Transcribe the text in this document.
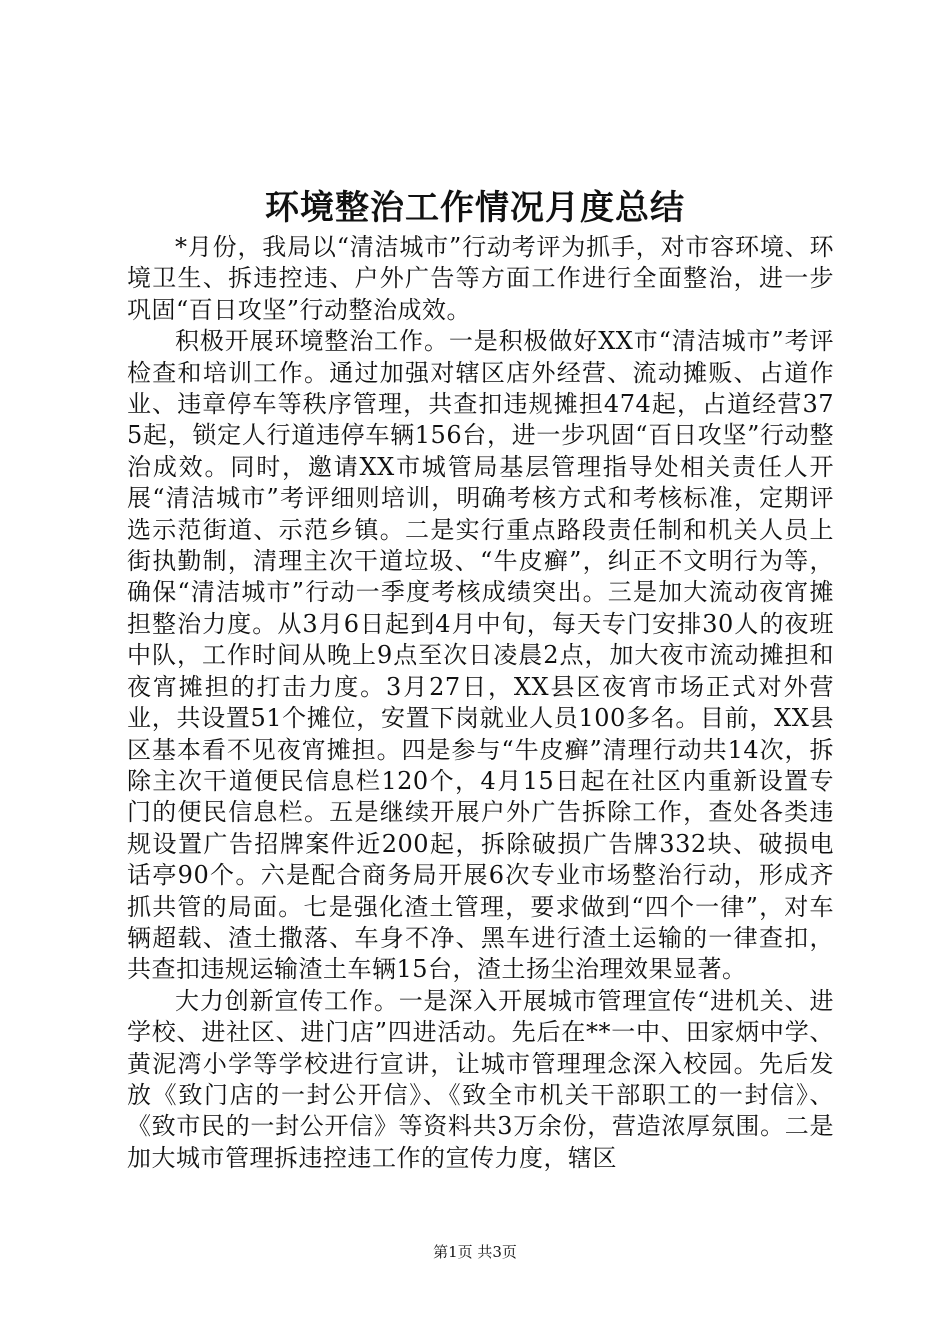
环境整治工作情况月度总结

*月份，我局以“清洁城市”行动考评为抓手，对市容环境、环境卫生、拆违控违、户外广告等方面工作进行全面整治，进一步巩固“百日攻坚”行动整治成效。

积极开展环境整治工作。一是积极做好XX市“清洁城市”考评检查和培训工作。通过加强对辖区店外经营、流动摊贩、占道作业、违章停车等秩序管理，共查扣违规摊担474起，占道经营375起，锁定人行道违停车辆156台，进一步巩固“百日攻坚”行动整治成效。同时，邀请XX市城管局基层管理指导处相关责任人开展“清洁城市”考评细则培训，明确考核方式和考核标准，定期评选示范街道、示范乡镇。二是实行重点路段责任制和机关人员上街执勤制，清理主次干道垃圾、“牛皮癣”，纠正不文明行为等，确保“清洁城市”行动一季度考核成绩突出。三是加大流动夜宵摊担整治力度。从3月6日起到4月中旬，每天专门安排30人的夜班中队，工作时间从晚上9点至次日凌晨2点，加大夜市流动摊担和夜宵摊担的打击力度。3月27日，XX县区夜宵市场正式对外营业，共设置51个摊位，安置下岗就业人员100多名。目前，XX县区基本看不见夜宵摊担。四是参与“牛皮癣”清理行动共14次，拆除主次干道便民信息栏120个，4月15日起在社区内重新设置专门的便民信息栏。五是继续开展户外广告拆除工作，查处各类违规设置广告招牌案件近200起，拆除破损广告牌332块、破损电话亭90个。六是配合商务局开展6次专业市场整治行动，形成齐抓共管的局面。七是强化渣土管理，要求做到“四个一律”，对车辆超载、渣土撒落、车身不净、黑车进行渣土运输的一律查扣，共查扣违规运输渣土车辆15台，渣土扬尘治理效果显著。

大力创新宣传工作。一是深入开展城市管理宣传“进机关、进学校、进社区、进门店”四进活动。先后在**一中、田家炳中学、黄泥湾小学等学校进行宣讲，让城市管理理念深入校园。先后发放《致门店的一封公开信》、《致全市机关干部职工的一封信》、《致市民的一封公开信》等资料共3万余份，营造浓厚氛围。二是加大城市管理拆违控违工作的宣传力度，辖区

第1页 共3页
